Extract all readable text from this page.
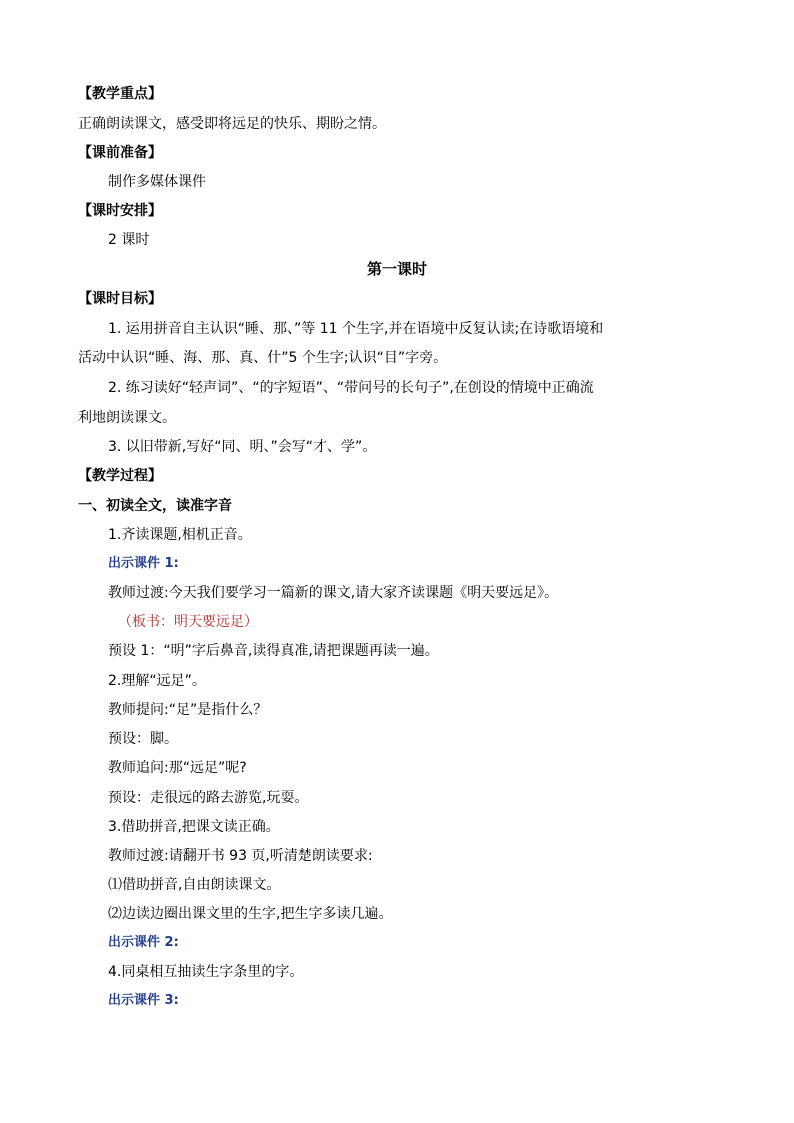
【教学重点】
正确朗读课文，感受即将远足的快乐、期盼之情。
【课前准备】
制作多媒体课件
【课时安排】
2 课时
第一课时
【课时目标】
1. 运用拼音自主认识“睡、那、”等 11 个生字,并在语境中反复认读;在诗歌语境和
活动中认识“睡、海、那、真、什”5 个生字;认识“目”字旁。
2. 练习读好“轻声词”、“的字短语”、“带问号的长句子”,在创设的情境中正确流
利地朗读课文。
3. 以旧带新,写好“同、明、”会写“才、学”。
【教学过程】
一、初读全文，读准字音
1.齐读课题,相机正音。
出示课件 1:
教师过渡:今天我们要学习一篇新的课文,请大家齐读课题《明天要远足》。
（板书：明天要远足）
预设 1：“明”字后鼻音,读得真准,请把课题再读一遍。
2.理解“远足”。
教师提问:“足”是指什么？
预设：脚。
教师追问:那“远足”呢?
预设：走很远的路去游览,玩耍。
3.借助拼音,把课文读正确。
教师过渡:请翻开书 93 页,听清楚朗读要求:
⑴借助拼音,自由朗读课文。
⑵边读边圈出课文里的生字,把生字多读几遍。
出示课件 2:
4.同桌相互抽读生字条里的字。
出示课件 3:
